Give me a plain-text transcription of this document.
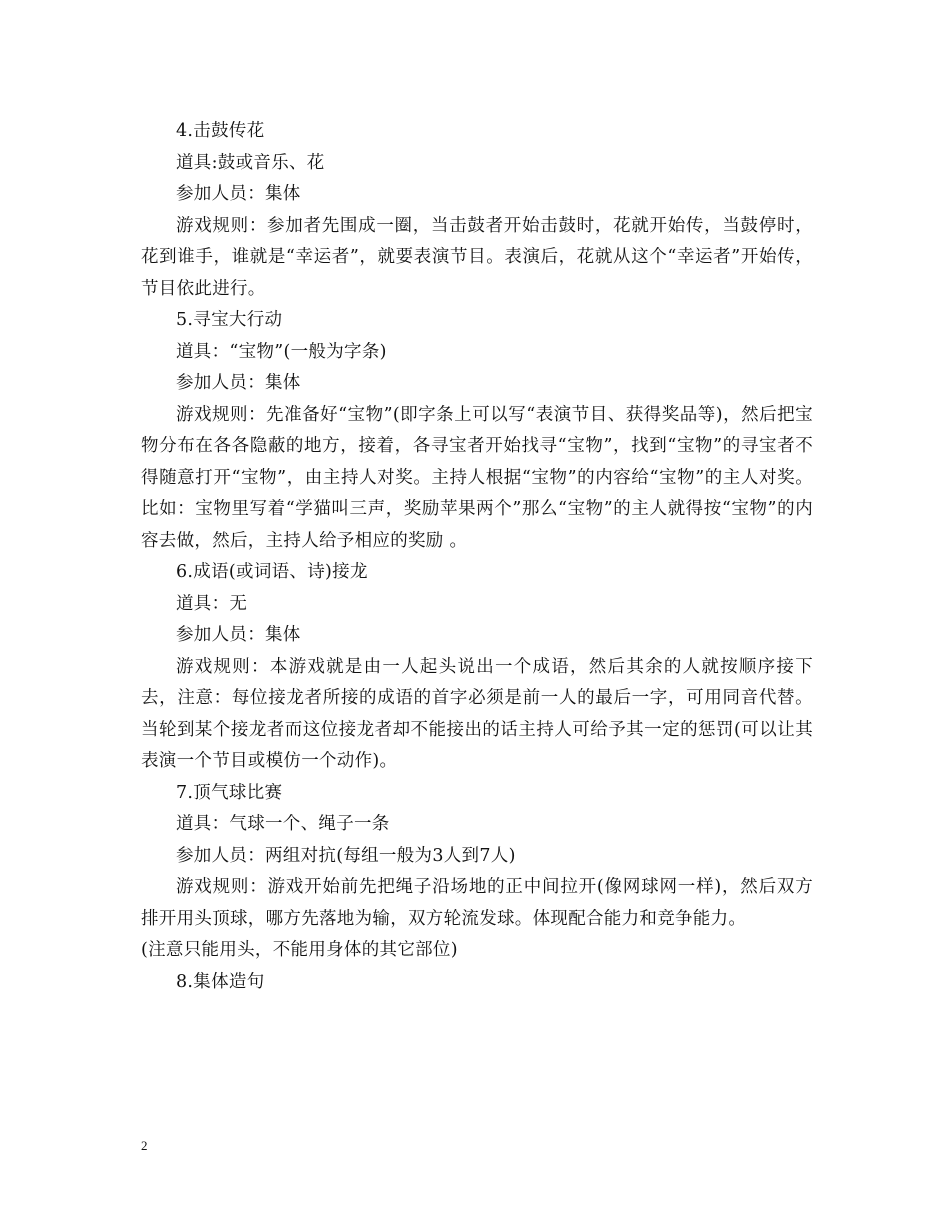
4.击鼓传花

道具:鼓或音乐、花

参加人员：集体

游戏规则：参加者先围成一圈，当击鼓者开始击鼓时，花就开始传，当鼓停时，花到谁手，谁就是“幸运者”，就要表演节目。表演后，花就从这个“幸运者”开始传，节目依此进行。

5.寻宝大行动

道具：“宝物”(一般为字条)

参加人员：集体

游戏规则：先准备好“宝物”(即字条上可以写“表演节目、获得奖品等)，然后把宝物分布在各各隐蔽的地方，接着，各寻宝者开始找寻“宝物”，找到“宝物”的寻宝者不得随意打开“宝物”，由主持人对奖。主持人根据“宝物”的内容给“宝物”的主人对奖。比如：宝物里写着“学猫叫三声，奖励苹果两个”那么“宝物”的主人就得按“宝物”的内容去做，然后，主持人给予相应的奖励 。

6.成语(或词语、诗)接龙

道具：无

参加人员：集体

游戏规则：本游戏就是由一人起头说出一个成语，然后其余的人就按顺序接下去，注意：每位接龙者所接的成语的首字必须是前一人的最后一字，可用同音代替。当轮到某个接龙者而这位接龙者却不能接出的话主持人可给予其一定的惩罚(可以让其表演一个节目或模仿一个动作)。

7.顶气球比赛

道具：气球一个、绳子一条

参加人员：两组对抗(每组一般为3人到7人)

游戏规则：游戏开始前先把绳子沿场地的正中间拉开(像网球网一样)，然后双方排开用头顶球，哪方先落地为输，双方轮流发球。体现配合能力和竞争能力。

(注意只能用头，不能用身体的其它部位)

8.集体造句

2
